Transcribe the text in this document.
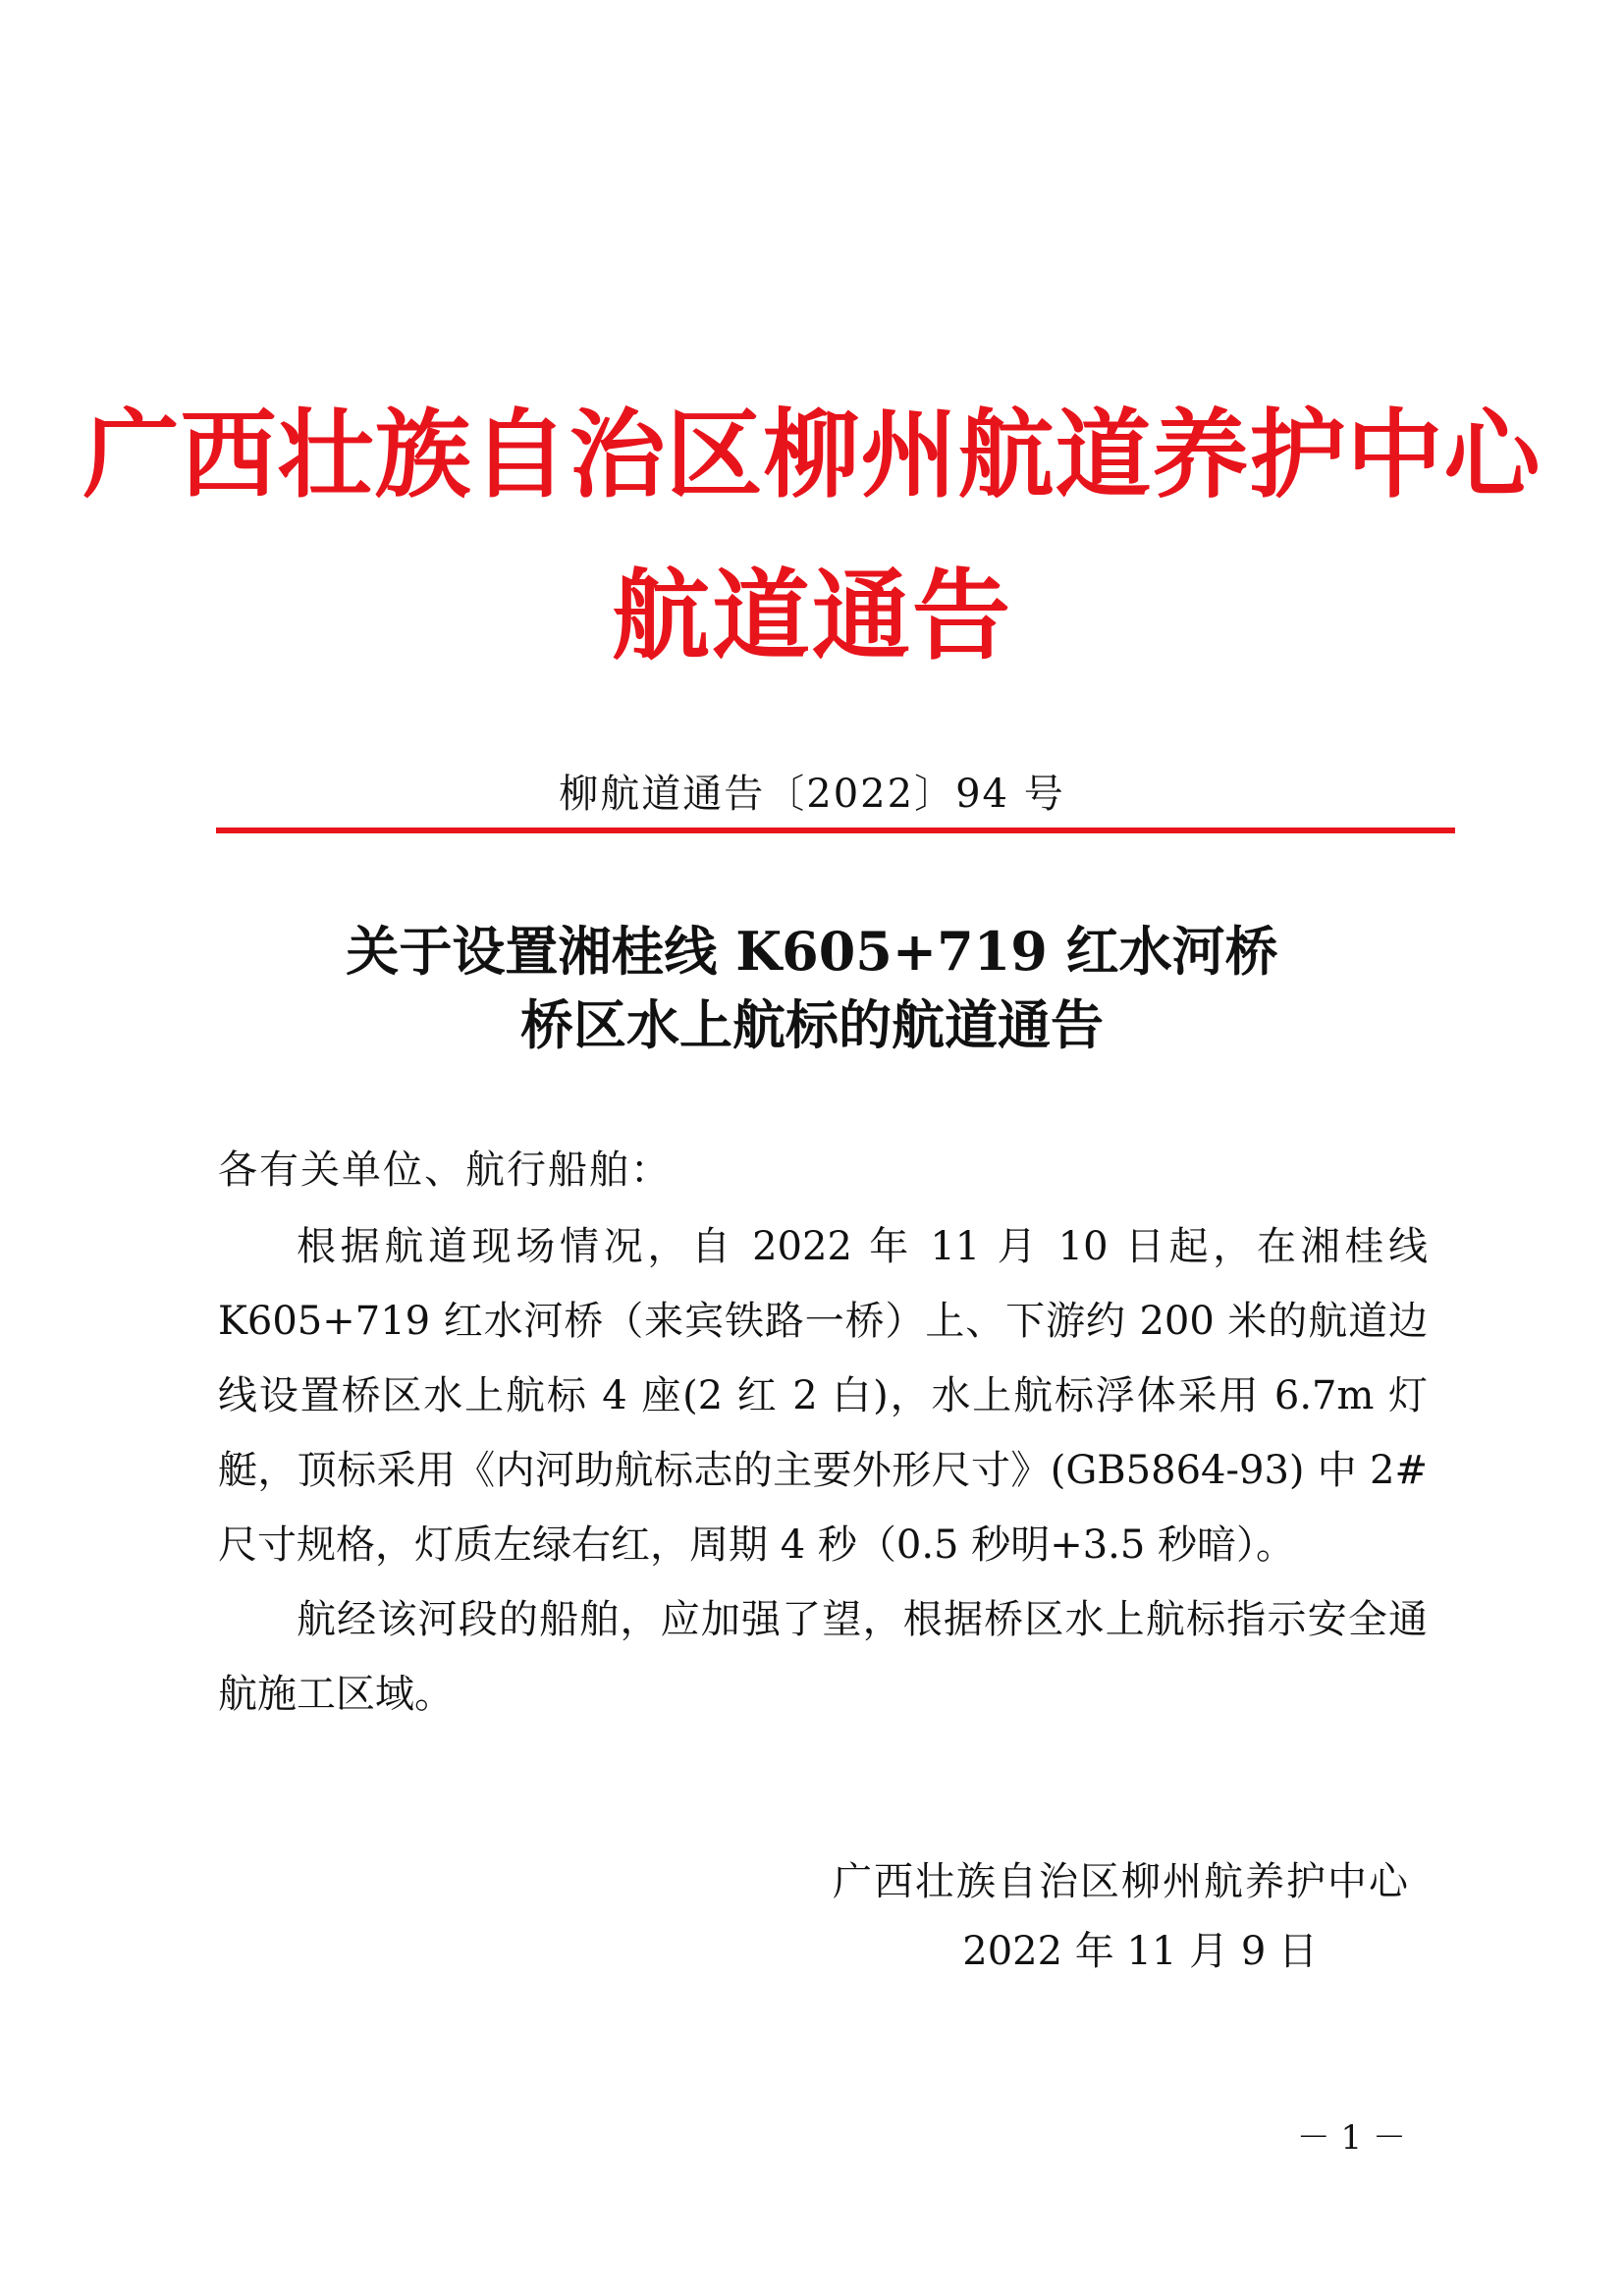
广西壮族自治区柳州航道养护中心
航道通告
柳航道通告〔2022〕94 号
关于设置湘桂线 K605+719 红水河桥
桥区水上航标的航道通告
各有关单位、航行船舶：

根据航道现场情况，自 2022 年 11 月 10 日起，在湘桂线 K605+719 红水河桥（来宾铁路一桥）上、下游约 200 米的航道边线设置桥区水上航标 4 座(2 红 2 白)，水上航标浮体采用 6.7m 灯艇，顶标采用《内河助航标志的主要外形尺寸》(GB5864-93) 中 2#尺寸规格，灯质左绿右红，周期 4 秒（0.5 秒明+3.5 秒暗）。

航经该河段的船舶，应加强了望，根据桥区水上航标指示安全通航施工区域。

广西壮族自治区柳州航养护中心
2022 年 11 月 9 日
－ 1 －
